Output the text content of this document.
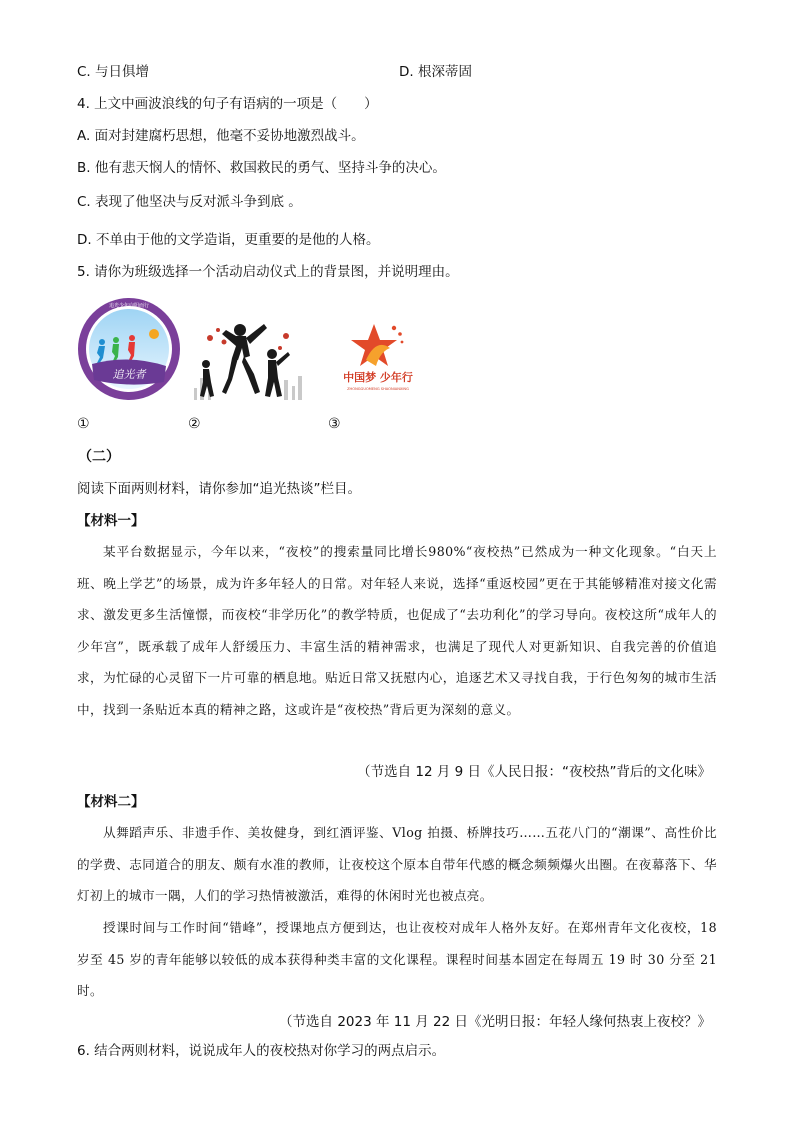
C. 与日俱增	D. 根深蒂固
4. 上文中画波浪线的句子有语病的一项是（　　）
A. 面对封建腐朽思想，他毫不妥协地激烈战斗。
B. 他有悲天悯人的情怀、救国救民的勇气、坚持斗争的决心。
C. 表现了他坚决与反对派斗争到底 。
D. 不单由于他的文学造诣，更重要的是他的人格。
5. 请你为班级选择一个活动启动仪式上的背景图，并说明理由。
追光者
追光少年向阳而行
中国梦 少年行
ZHONGGUOMENG SHAONIANXING
①	②	③
（二）
阅读下面两则材料，请你参加“追光热谈”栏目。
【材料一】
某平台数据显示，今年以来，“夜校”的搜索量同比增长980%“夜校热”已然成为一种文化现象。“白天上班、晚上学艺”的场景，成为许多年轻人的日常。对年轻人来说，选择“重返校园”更在于其能够精准对接文化需求、激发更多生活憧憬，而夜校“非学历化”的教学特质，也促成了“去功利化”的学习导向。夜校这所“成年人的少年宫”，既承载了成年人舒缓压力、丰富生活的精神需求，也满足了现代人对更新知识、自我完善的价值追求，为忙碌的心灵留下一片可靠的栖息地。贴近日常又抚慰内心，追逐艺术又寻找自我，于行色匆匆的城市生活中，找到一条贴近本真的精神之路，这或许是“夜校热”背后更为深刻的意义。
（节选自 12 月 9 日《人民日报：“夜校热”背后的文化味》
【材料二】
从舞蹈声乐、非遗手作、美妆健身，到红酒评鉴、Vlog 拍摄、桥牌技巧……五花八门的“潮课”、高性价比的学费、志同道合的朋友、颇有水准的教师，让夜校这个原本自带年代感的概念频频爆火出圈。在夜幕落下、华灯初上的城市一隅，人们的学习热情被激活，难得的休闲时光也被点亮。
授课时间与工作时间“错峰”，授课地点方便到达，也让夜校对成年人格外友好。在郑州青年文化夜校，18 岁至 45 岁的青年能够以较低的成本获得种类丰富的文化课程。课程时间基本固定在每周五 19 时 30 分至 21 时。
（节选自 2023 年 11 月 22 日《光明日报：年轻人缘何热衷上夜校？》
6. 结合两则材料，说说成年人的夜校热对你学习的两点启示。
